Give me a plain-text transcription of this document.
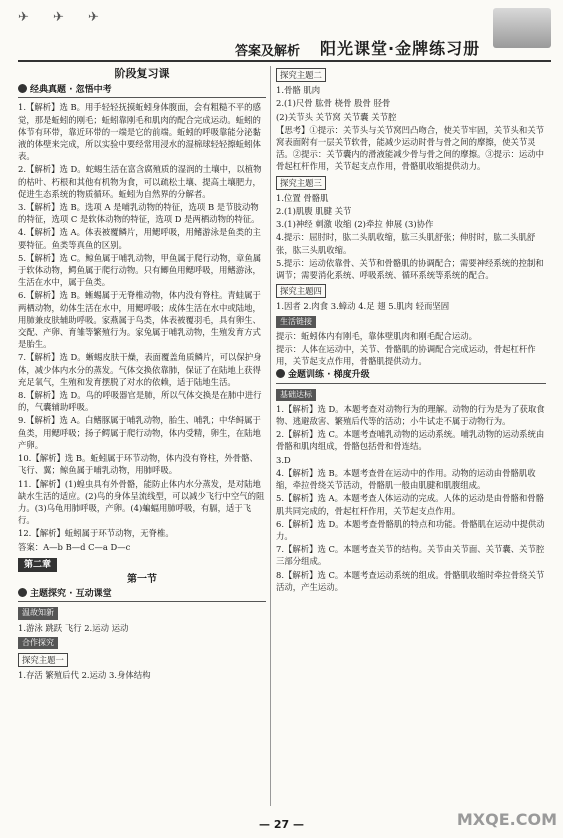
✈ ✈ ✈
答案及解析 阳光课堂·金牌练习册
阶段复习课
经典真题 · 忽悟中考
1.【解析】选 B。用手轻轻抚摸蚯蚓身体腹面，会有粗糙不平的感觉，那是蚯蚓的刚毛；蚯蚓靠刚毛和肌肉的配合完成运动。蚯蚓的体节有环带，靠近环带的一端是它的前端。蚯蚓的呼吸靠能分泌黏液的体壁来完成，所以实验中要经常用浸水的湿棉球轻轻擦蚯蚓体表。
2.【解析】选 D。蛇蜴生活在富含腐殖质的湿润的土壤中，以植物的枯叶、朽根和其他有机物为食，可以疏松土壤、提高土壤肥力，促进生态系统的物质循环。蚯蚓为自然界的分解者。
3.【解析】选 B。选项 A 是哺乳动物的特征，选项 B 是节肢动物的特征，选项 C 是软体动物的特征，选项 D 是两栖动物的特征。
4.【解析】选 A。体表被覆鳞片，用鳃呼吸，用鳍游泳是鱼类的主要特征。鱼类等真鱼的区别。
5.【解析】选 C。鲸鱼属于哺乳动物，甲鱼属于爬行动物，章鱼属于软体动物，鳄鱼属于爬行动物。只有鲫鱼用鳃呼吸，用鳍游泳，生活在水中，属于鱼类。
6.【解析】选 B。蜥蜴属于无脊椎动物，体内没有脊柱。青蛙属于两栖动物，幼体生活在水中，用鳃呼吸；成体生活在水中或陆地，用肺兼皮肤辅助呼吸。家燕属于鸟类，体表被覆羽毛，具有卵生、交配、产卵、育雏等繁殖行为。家兔属于哺乳动物，生殖发育方式是胎生。
7.【解析】选 D。蜥蜴皮肤干燥，表面覆盖角质鳞片，可以保护身体，减少体内水分的蒸发。气体交换依靠肺，保证了在陆地上获得充足氧气，生殖和发育摆脱了对水的依赖，适于陆地生活。
8.【解析】选 D。鸟的呼吸器官是肺，所以气体交换是在肺中进行的，气囊辅助呼吸。
9.【解析】选 A。白鳍豚属于哺乳动物，胎生、哺乳；中华鲟属于鱼类，用鳃呼吸；扬子鳄属于爬行动物，体内受精，卵生，在陆地产卵。
10.【解析】选 B。蚯蚓属于环节动物，体内没有脊柱，外骨骼、飞行、翼；鲸鱼属于哺乳动物，用肺呼吸。
11.【解析】(1)蝗虫具有外骨骼，能防止体内水分蒸发，是对陆地缺水生活的适应。(2)鸟的身体呈流线型，可以减少飞行中空气的阻力。(3)乌龟用肺呼吸，产卵。(4)蝙蝠用肺呼吸，有膈，适于飞行。
12.【解析】蚯蚓属于环节动物，无脊椎。
答案：A—b B—d C—a D—c
第二章
第一节
主题探究 · 互动课堂
温故知新
1.游泳 跳跃 飞行 2.运动 运动
合作探究
探究主题一
1.存活 繁殖后代 2.运动 3.身体结构
探究主题二
1.骨骼 肌肉
2.(1)尺骨 肱骨 桡骨 股骨 胫骨
(2)关节头 关节窝 关节囊 关节腔
【思考】①提示：关节头与关节窝凹凸吻合，使关节牢固，关节头和关节窝表面附有一层关节软骨，能减少运动时骨与骨之间的摩擦，使关节灵活。②提示：关节囊内的滑液能减少骨与骨之间的摩擦。③提示：运动中骨起杠杆作用，关节起支点作用，骨骼肌收缩提供动力。
探究主题三
1.位置 骨骼肌
2.(1)肌腹 肌腱 关节
3.(1)神经 刺激 收缩 (2)牵拉 伸展 (3)协作
4.提示：屈肘时，肱二头肌收缩，肱三头肌舒张；伸肘时，肱二头肌舒张，肱三头肌收缩。
5.提示：运动依靠骨、关节和骨骼肌的协调配合；需要神经系统的控制和调节；需要消化系统、呼吸系统、循环系统等系统的配合。
探究主题四
1.因者 2.肉食 3.蟑动 4.足 翅 5.肌肉 轻而坚固
生活链接
提示：蚯蚓体内有刚毛，靠体壁肌肉和刚毛配合运动。
提示：人体在运动中，关节、骨骼肌的协调配合完成运动，骨起杠杆作用，关节起支点作用，骨骼肌提供动力。
金题训练 · 梯度升级
基础达标
1.【解析】选 D。本题考查对动物行为的理解。动物的行为是为了获取食物、逃避敌害、繁殖后代等的活动；小牛试走不属于动物行为。
2.【解析】选 C。本题考查哺乳动物的运动系统。哺乳动物的运动系统由骨骼和肌肉组成，骨骼包括骨和骨连结。
3.D
4.【解析】选 B。本题考查骨在运动中的作用。动物的运动由骨骼肌收缩，牵拉骨绕关节活动，骨骼肌一般由肌腱和肌腹组成。
5.【解析】选 A。本题考查人体运动的完成。人体的运动是由骨骼和骨骼肌共同完成的，骨起杠杆作用，关节起支点作用。
6.【解析】选 D。本题考查骨骼肌的特点和功能。骨骼肌在运动中提供动力。
7.【解析】选 C。本题考查关节的结构。关节由关节面、关节囊、关节腔三部分组成。
8.【解析】选 C。本题考查运动系统的组成。骨骼肌收缩时牵拉骨绕关节活动，产生运动。
— 27 —	MXQE.COM
